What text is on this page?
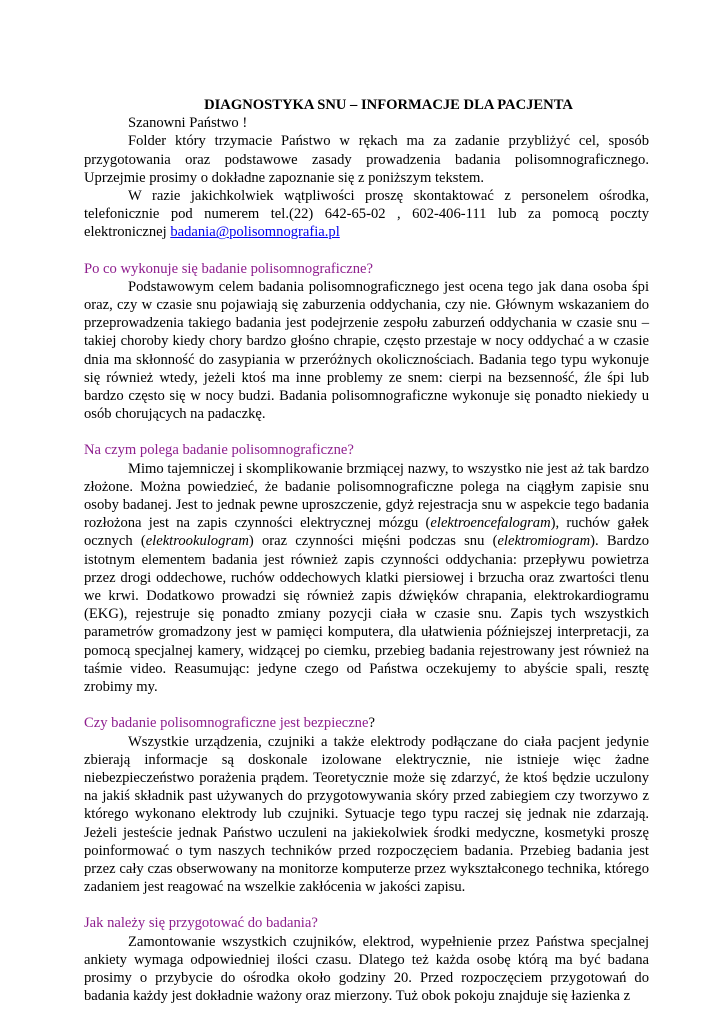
DIAGNOSTYKA SNU – INFORMACJE DLA PACJENTA

Szanowni Państwo !

Folder który trzymacie Państwo w rękach ma za zadanie przybliżyć cel, sposób przygotowania oraz podstawowe zasady prowadzenia badania polisomnograficznego. Uprzejmie prosimy o dokładne zapoznanie się z poniższym tekstem.

W razie jakichkolwiek wątpliwości proszę skontaktować z personelem ośrodka, telefonicznie pod numerem tel.(22) 642-65-02 , 602-406-111 lub za pomocą poczty elektronicznej badania@polisomnografia.pl

Po co wykonuje się badanie polisomnograficzne?

Podstawowym celem badania polisomnograficznego jest ocena tego jak dana osoba śpi oraz, czy w czasie snu pojawiają się zaburzenia oddychania, czy nie. Głównym wskazaniem do przeprowadzenia takiego badania jest podejrzenie zespołu zaburzeń oddychania w czasie snu – takiej choroby kiedy chory bardzo głośno chrapie, często przestaje w nocy oddychać a w czasie dnia ma skłonność do zasypiania w przeróżnych okolicznościach. Badania tego typu wykonuje się również wtedy, jeżeli ktoś ma inne problemy ze snem: cierpi na bezsenność, źle śpi lub bardzo często się w nocy budzi. Badania polisomnograficzne wykonuje się ponadto niekiedy u osób chorujących na padaczkę.

Na czym polega badanie polisomnograficzne?

Mimo tajemniczej i skomplikowanie brzmiącej nazwy, to wszystko nie jest aż tak bardzo złożone. Można powiedzieć, że badanie polisomnograficzne polega na ciągłym zapisie snu osoby badanej. Jest to jednak pewne uproszczenie, gdyż rejestracja snu w aspekcie tego badania rozłożona jest na zapis czynności elektrycznej mózgu (elektroencefalogram), ruchów gałek ocznych (elektrookulogram) oraz czynności mięśni podczas snu (elektromiogram). Bardzo istotnym elementem badania jest również zapis czynności oddychania: przepływu powietrza przez drogi oddechowe, ruchów oddechowych klatki piersiowej i brzucha oraz zwartości tlenu we krwi. Dodatkowo prowadzi się również zapis dźwięków chrapania, elektrokardiogramu (EKG), rejestruje się ponadto zmiany pozycji ciała w czasie snu. Zapis tych wszystkich parametrów gromadzony jest w pamięci komputera, dla ułatwienia późniejszej interpretacji, za pomocą specjalnej kamery, widzącej po ciemku, przebieg badania rejestrowany jest również na taśmie video. Reasumując: jedyne czego od Państwa oczekujemy to abyście spali, resztę zrobimy my.

Czy badanie polisomnograficzne jest bezpieczne?

Wszystkie urządzenia, czujniki a także elektrody podłączane do ciała pacjent jedynie zbierają informacje są doskonale izolowane elektrycznie, nie istnieje więc żadne niebezpieczeństwo porażenia prądem. Teoretycznie może się zdarzyć, że ktoś będzie uczulony na jakiś składnik past używanych do przygotowywania skóry przed zabiegiem czy tworzywo z którego wykonano elektrody lub czujniki. Sytuacje tego typu raczej się jednak nie zdarzają. Jeżeli jesteście jednak Państwo uczuleni na jakiekolwiek środki medyczne, kosmetyki proszę poinformować o tym naszych techników przed rozpoczęciem badania. Przebieg badania jest przez cały czas obserwowany na monitorze komputerze przez wykształconego technika, którego zadaniem jest reagować na wszelkie zakłócenia w jakości zapisu.

Jak należy się przygotować do badania?

Zamontowanie wszystkich czujników, elektrod, wypełnienie przez Państwa specjalnej ankiety wymaga odpowiedniej ilości czasu. Dlatego też każda osobę którą ma być badana prosimy o przybycie do ośrodka około godziny 20. Przed rozpoczęciem przygotowań do badania każdy jest dokładnie ważony oraz mierzony. Tuż obok pokoju znajduje się łazienka z
